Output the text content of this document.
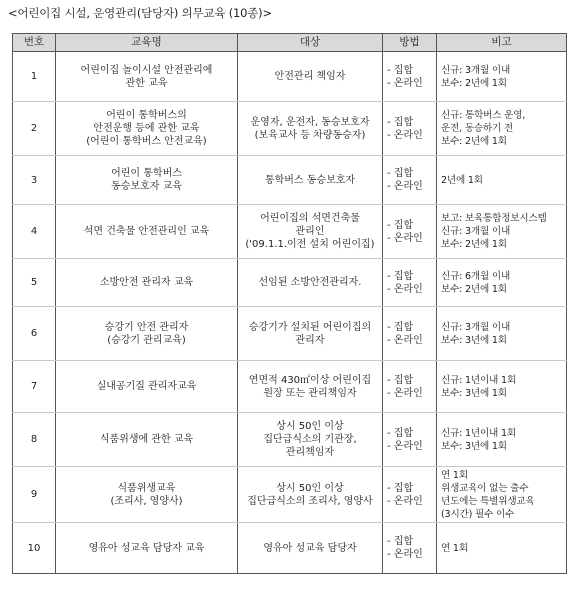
<어린이집 시설, 운영관리(담당자) 의무교육 (10종)>
번호	교육명	대상	방법	비고
1	어린이집 놀이시설 안전관리에
관한 교육	안전관리 책임자	- 집합
- 온라인	신규: 3개월 이내
보수: 2년에 1회

2	어린이 통학버스의
안전운행 등에 관한 교육
(어린이 통학버스 안전교육)	운영자, 운전자, 동승보호자
(보육교사 등 차량동승자)	- 집합
- 온라인	신규: 통학버스 운영,
운전, 동승하기 전
보수: 2년에 1회

3	어린이 통학버스
동승보호자 교육	통학버스 동승보호자	- 집합
- 온라인	2년에 1회

4	석면 건축물 안전관리인 교육	어린이집의 석면건축물
관리인
('09.1.1.이전 설치 어린이집)	- 집합
- 온라인	보고: 보육통합정보시스템
신규: 3개월 이내
보수: 2년에 1회

5	소방안전 관리자 교육	선임된 소방안전관리자.	- 집합
- 온라인	신규: 6개월 이내
보수: 2년에 1회

6	승강기 안전 관리자
(승강기 관리교육)	승강기가 설치된 어린이집의
관리자	- 집합
- 온라인	신규: 3개월 이내
보수: 3년에 1회

7	실내공기질 관리자교육	연면적 430㎡이상 어린이집
원장 또는 관리책임자	- 집합
- 온라인	신규: 1년이내 1회
보수: 3년에 1회

8	식품위생에 관한 교육	상시 50인 이상
집단급식소의 기관장,
관리책임자	- 집합
- 온라인	신규: 1년이내 1회
보수: 3년에 1회

9	식품위생교육
(조리사, 영양사)	상시 50인 이상
집단급식소의 조리사, 영양사	- 집합
- 온라인	연 1회
위생교육이 없는 출수
년도에는 특별위생교육
(3시간) 필수 이수

10	영유아 성교육 담당자 교육	영유아 성교육 담당자	- 집합
- 온라인	연 1회
